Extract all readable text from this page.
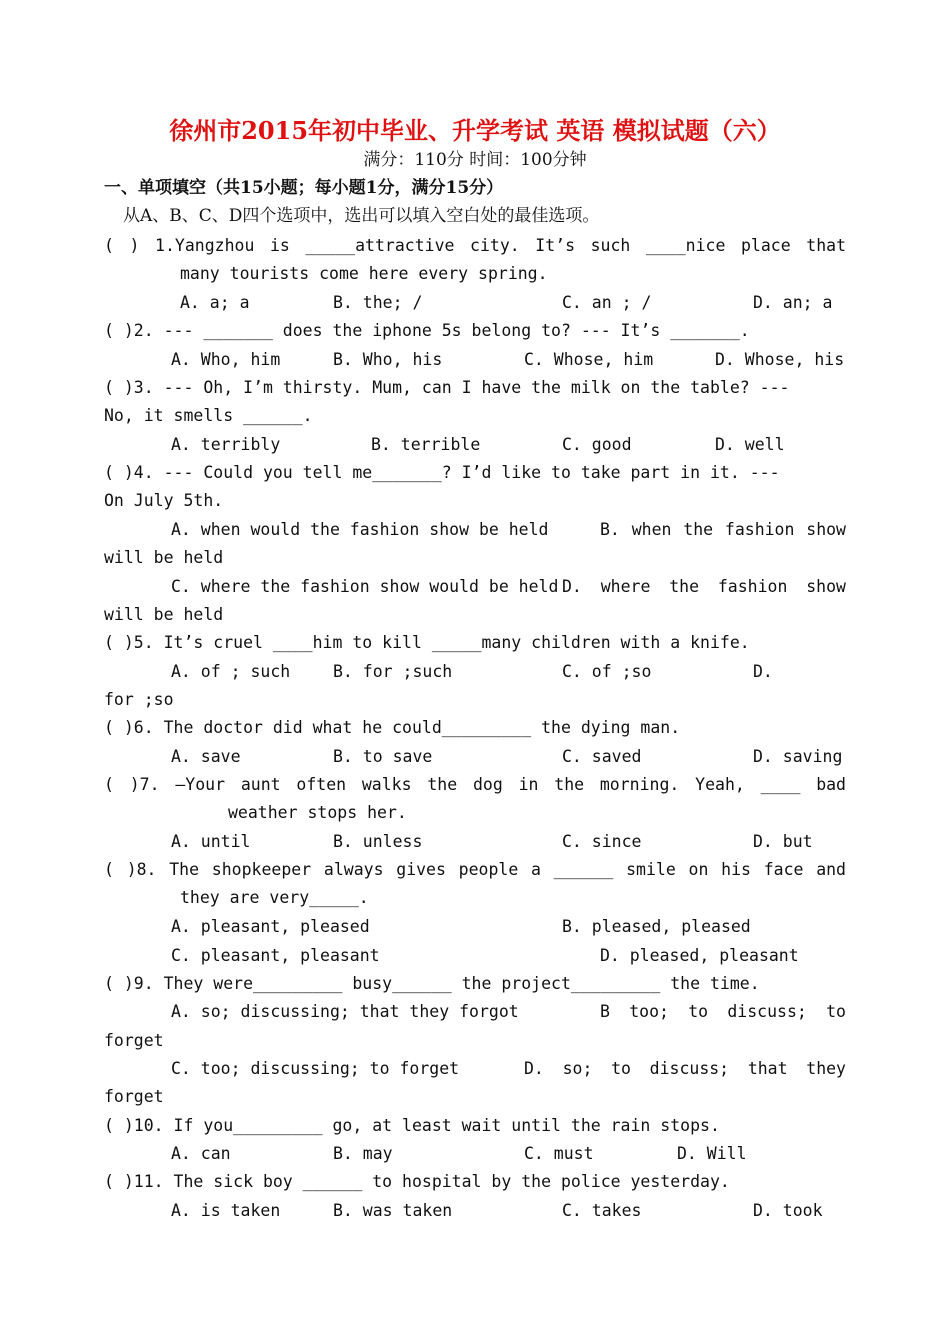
徐州市2015年初中毕业、升学考试 英语 模拟试题（六）
满分：110分 时间：100分钟
一、单项填空（共15小题；每小题1分，满分15分）
从A、B、C、D四个选项中，选出可以填入空白处的最佳选项。
( ) 1.Yangzhou is _____attractive city. It’s such ____nice place that
many tourists come here every spring.
A. a; a	B. the; /	C. an ; /	D. an; a
( )2. --- _______ does the iphone 5s belong to? --- It’s _______.
A. Who, him	B. Who, his	C. Whose, him	D. Whose, his
( )3. --- Oh, I’m thirsty. Mum, can I have the milk on the table? ---
No, it smells ______.
A. terribly	B. terrible	C. good	D. well
( )4. --- Could you tell me_______? I’d like to take part in it. ---
On July 5th.
A. when would the fashion show be held	B. when the fashion show
will be held
C. where the fashion show would be held D. where the fashion show
will be held
( )5. It’s cruel ____him to kill _____many children with a knife.
A. of ; such	B. for ;such	C. of ;so	D.
for ;so
( )6. The doctor did what he could_________ the dying man.
A. save	B. to save	C. saved	D. saving
( )7. —Your aunt often walks the dog in the morning. Yeah, ____ bad
weather stops her.
A. until	B. unless	C. since	D. but
( )8. The shopkeeper always gives people a ______ smile on his face and
they are very_____.
A. pleasant, pleased	B. pleased, pleased
C. pleasant, pleasant	D. pleased, pleasant
( )9. They were_________ busy______ the project_________ the time.
A. so; discussing; that they forgot	B too; to discuss; to
forget
C. too; discussing; to forget	D. so; to discuss; that they
forget
( )10. If you_________ go, at least wait until the rain stops.
A. can	B. may	C. must	D. Will
( )11. The sick boy ______ to hospital by the police yesterday.
A. is taken	B. was taken	C. takes	D. took
